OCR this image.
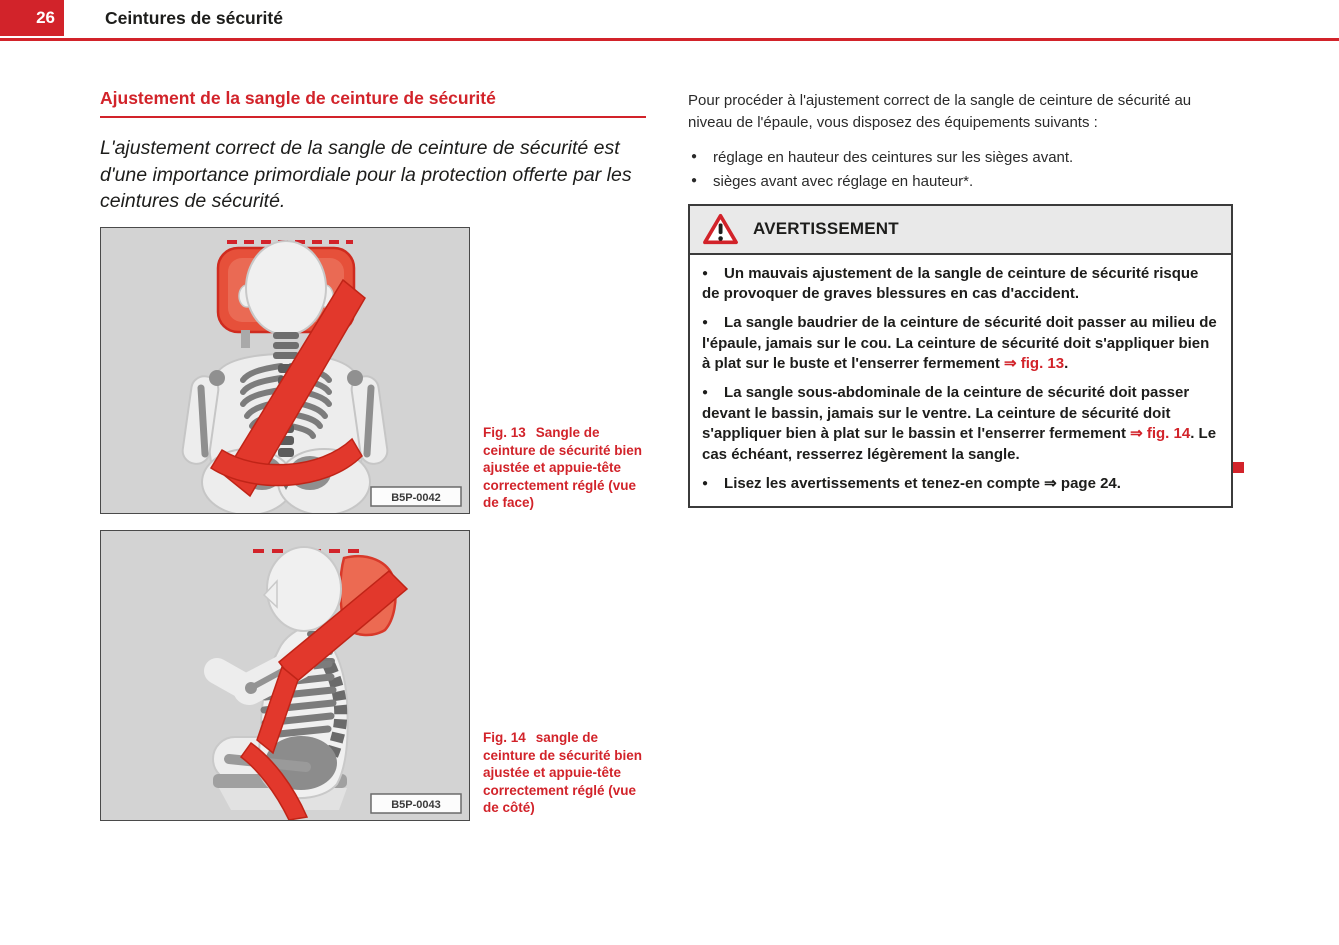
26	Ceintures de sécurité
Ajustement de la sangle de ceinture de sécurité

L'ajustement correct de la sangle de ceinture de sécurité est d'une importance primordiale pour la protection offerte par les ceintures de sécurité.

B5P-0042
Fig. 13 Sangle de ceinture de sécurité bien ajustée et appuie-tête correctement réglé (vue de face)
B5P-0043
Fig. 14 sangle de ceinture de sécurité bien ajustée et appuie-tête correctement réglé (vue de côté)

Pour procéder à l'ajustement correct de la sangle de ceinture de sécurité au niveau de l'épaule, vous disposez des équipements suivants :

● réglage en hauteur des ceintures sur les sièges avant.
● sièges avant avec réglage en hauteur*.
AVERTISSEMENT

● Un mauvais ajustement de la sangle de ceinture de sécurité risque de provoquer de graves blessures en cas d'accident.

● La sangle baudrier de la ceinture de sécurité doit passer au milieu de l'épaule, jamais sur le cou. La ceinture de sécurité doit s'appliquer bien à plat sur le buste et l'enserrer fermement ⇒ fig. 13.

● La sangle sous-abdominale de la ceinture de sécurité doit passer devant le bassin, jamais sur le ventre. La ceinture de sécurité doit s'appliquer bien à plat sur le bassin et l'enserrer fermement ⇒ fig. 14. Le cas échéant, resserrez légèrement la sangle.

● Lisez les avertissements et tenez-en compte ⇒ page 24.
